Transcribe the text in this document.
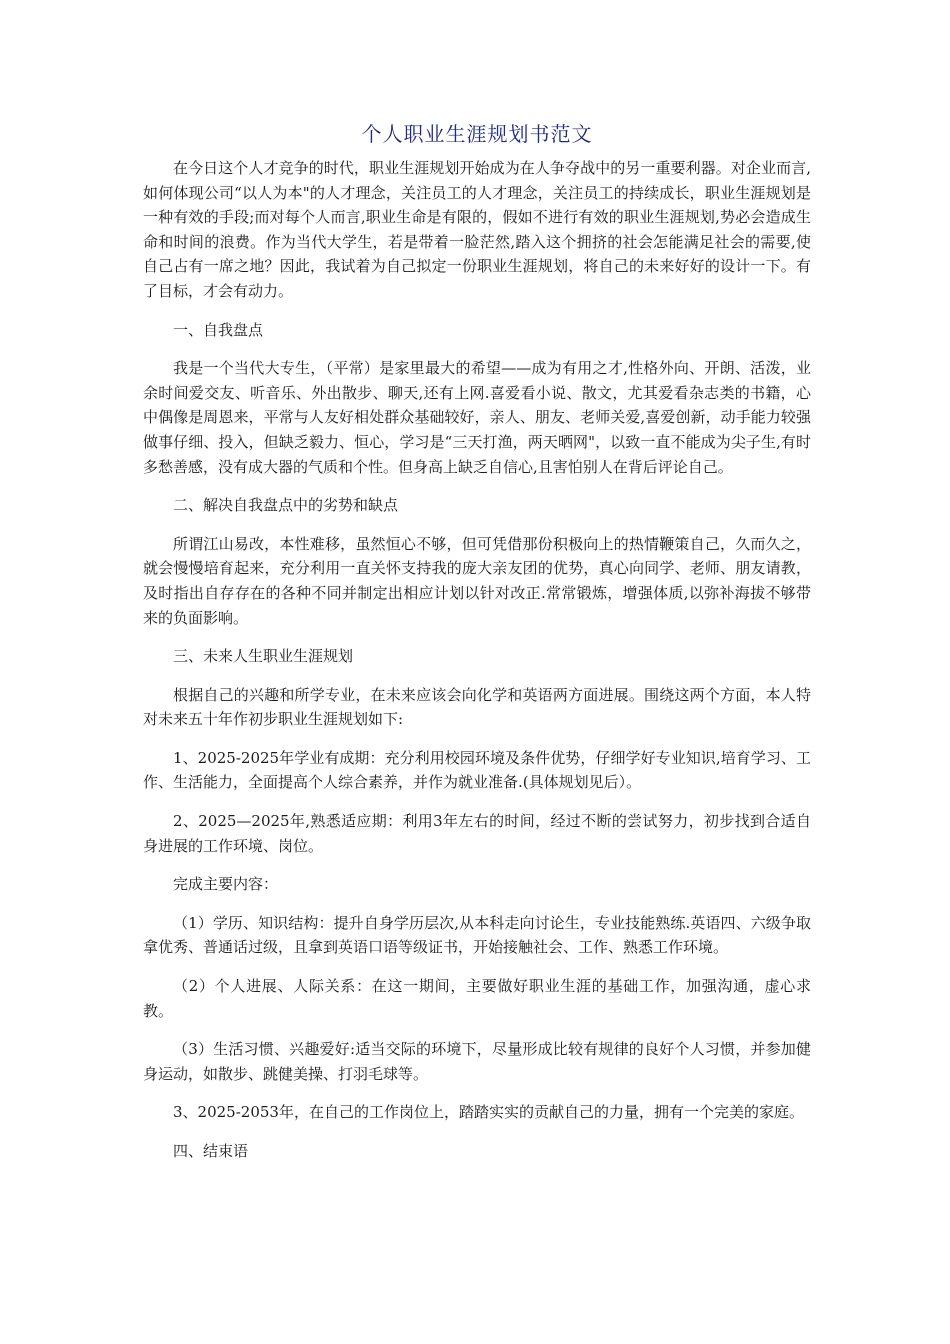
个人职业生涯规划书范文

在今日这个人才竞争的时代，职业生涯规划开始成为在人争夺战中的另一重要利器。对企业而言,如何体现公司“以人为本"的人才理念，关注员工的人才理念，关注员工的持续成长，职业生涯规划是一种有效的手段;而对每个人而言,职业生命是有限的，假如不进行有效的职业生涯规划,势必会造成生命和时间的浪费。作为当代大学生，若是带着一脸茫然,踏入这个拥挤的社会怎能满足社会的需要,使自己占有一席之地？因此，我试着为自己拟定一份职业生涯规划，将自己的未来好好的设计一下。有了目标，才会有动力。

一、自我盘点

我是一个当代大专生，（平常）是家里最大的希望——成为有用之才,性格外向、开朗、活泼，业余时间爱交友、听音乐、外出散步、聊天,还有上网.喜爱看小说、散文，尤其爱看杂志类的书籍，心中偶像是周恩来，平常与人友好相处群众基础较好，亲人、朋友、老师关爱,喜爱创新，动手能力较强做事仔细、投入，但缺乏毅力、恒心，学习是“三天打渔，两天晒网"，以致一直不能成为尖子生,有时多愁善感，没有成大器的气质和个性。但身高上缺乏自信心,且害怕别人在背后评论自己。

二、解决自我盘点中的劣势和缺点

所谓江山易改，本性难移，虽然恒心不够，但可凭借那份积极向上的热情鞭策自己，久而久之，就会慢慢培育起来，充分利用一直关怀支持我的庞大亲友团的优势，真心向同学、老师、朋友请教，及时指出自存存在的各种不同并制定出相应计划以针对改正.常常锻炼，增强体质,以弥补海拔不够带来的负面影响。

三、未来人生职业生涯规划

根据自己的兴趣和所学专业，在未来应该会向化学和英语两方面进展。围绕这两个方面，本人特对未来五十年作初步职业生涯规划如下:

1、2025-2025年学业有成期：充分利用校园环境及条件优势，仔细学好专业知识,培育学习、工作、生活能力，全面提高个人综合素养，并作为就业准备.(具体规划见后）。

2、2025—2025年,熟悉适应期：利用3年左右的时间，经过不断的尝试努力，初步找到合适自身进展的工作环境、岗位。

完成主要内容：

（1）学历、知识结构：提升自身学历层次,从本科走向讨论生，专业技能熟练.英语四、六级争取拿优秀、普通话过级，且拿到英语口语等级证书，开始接触社会、工作、熟悉工作环境。

（2）个人进展、人际关系：在这一期间，主要做好职业生涯的基础工作，加强沟通，虚心求教。

（3）生活习惯、兴趣爱好:适当交际的环境下，尽量形成比较有规律的良好个人习惯，并参加健身运动，如散步、跳健美操、打羽毛球等。

3、2025-2053年，在自己的工作岗位上，踏踏实实的贡献自己的力量，拥有一个完美的家庭。

四、结束语
